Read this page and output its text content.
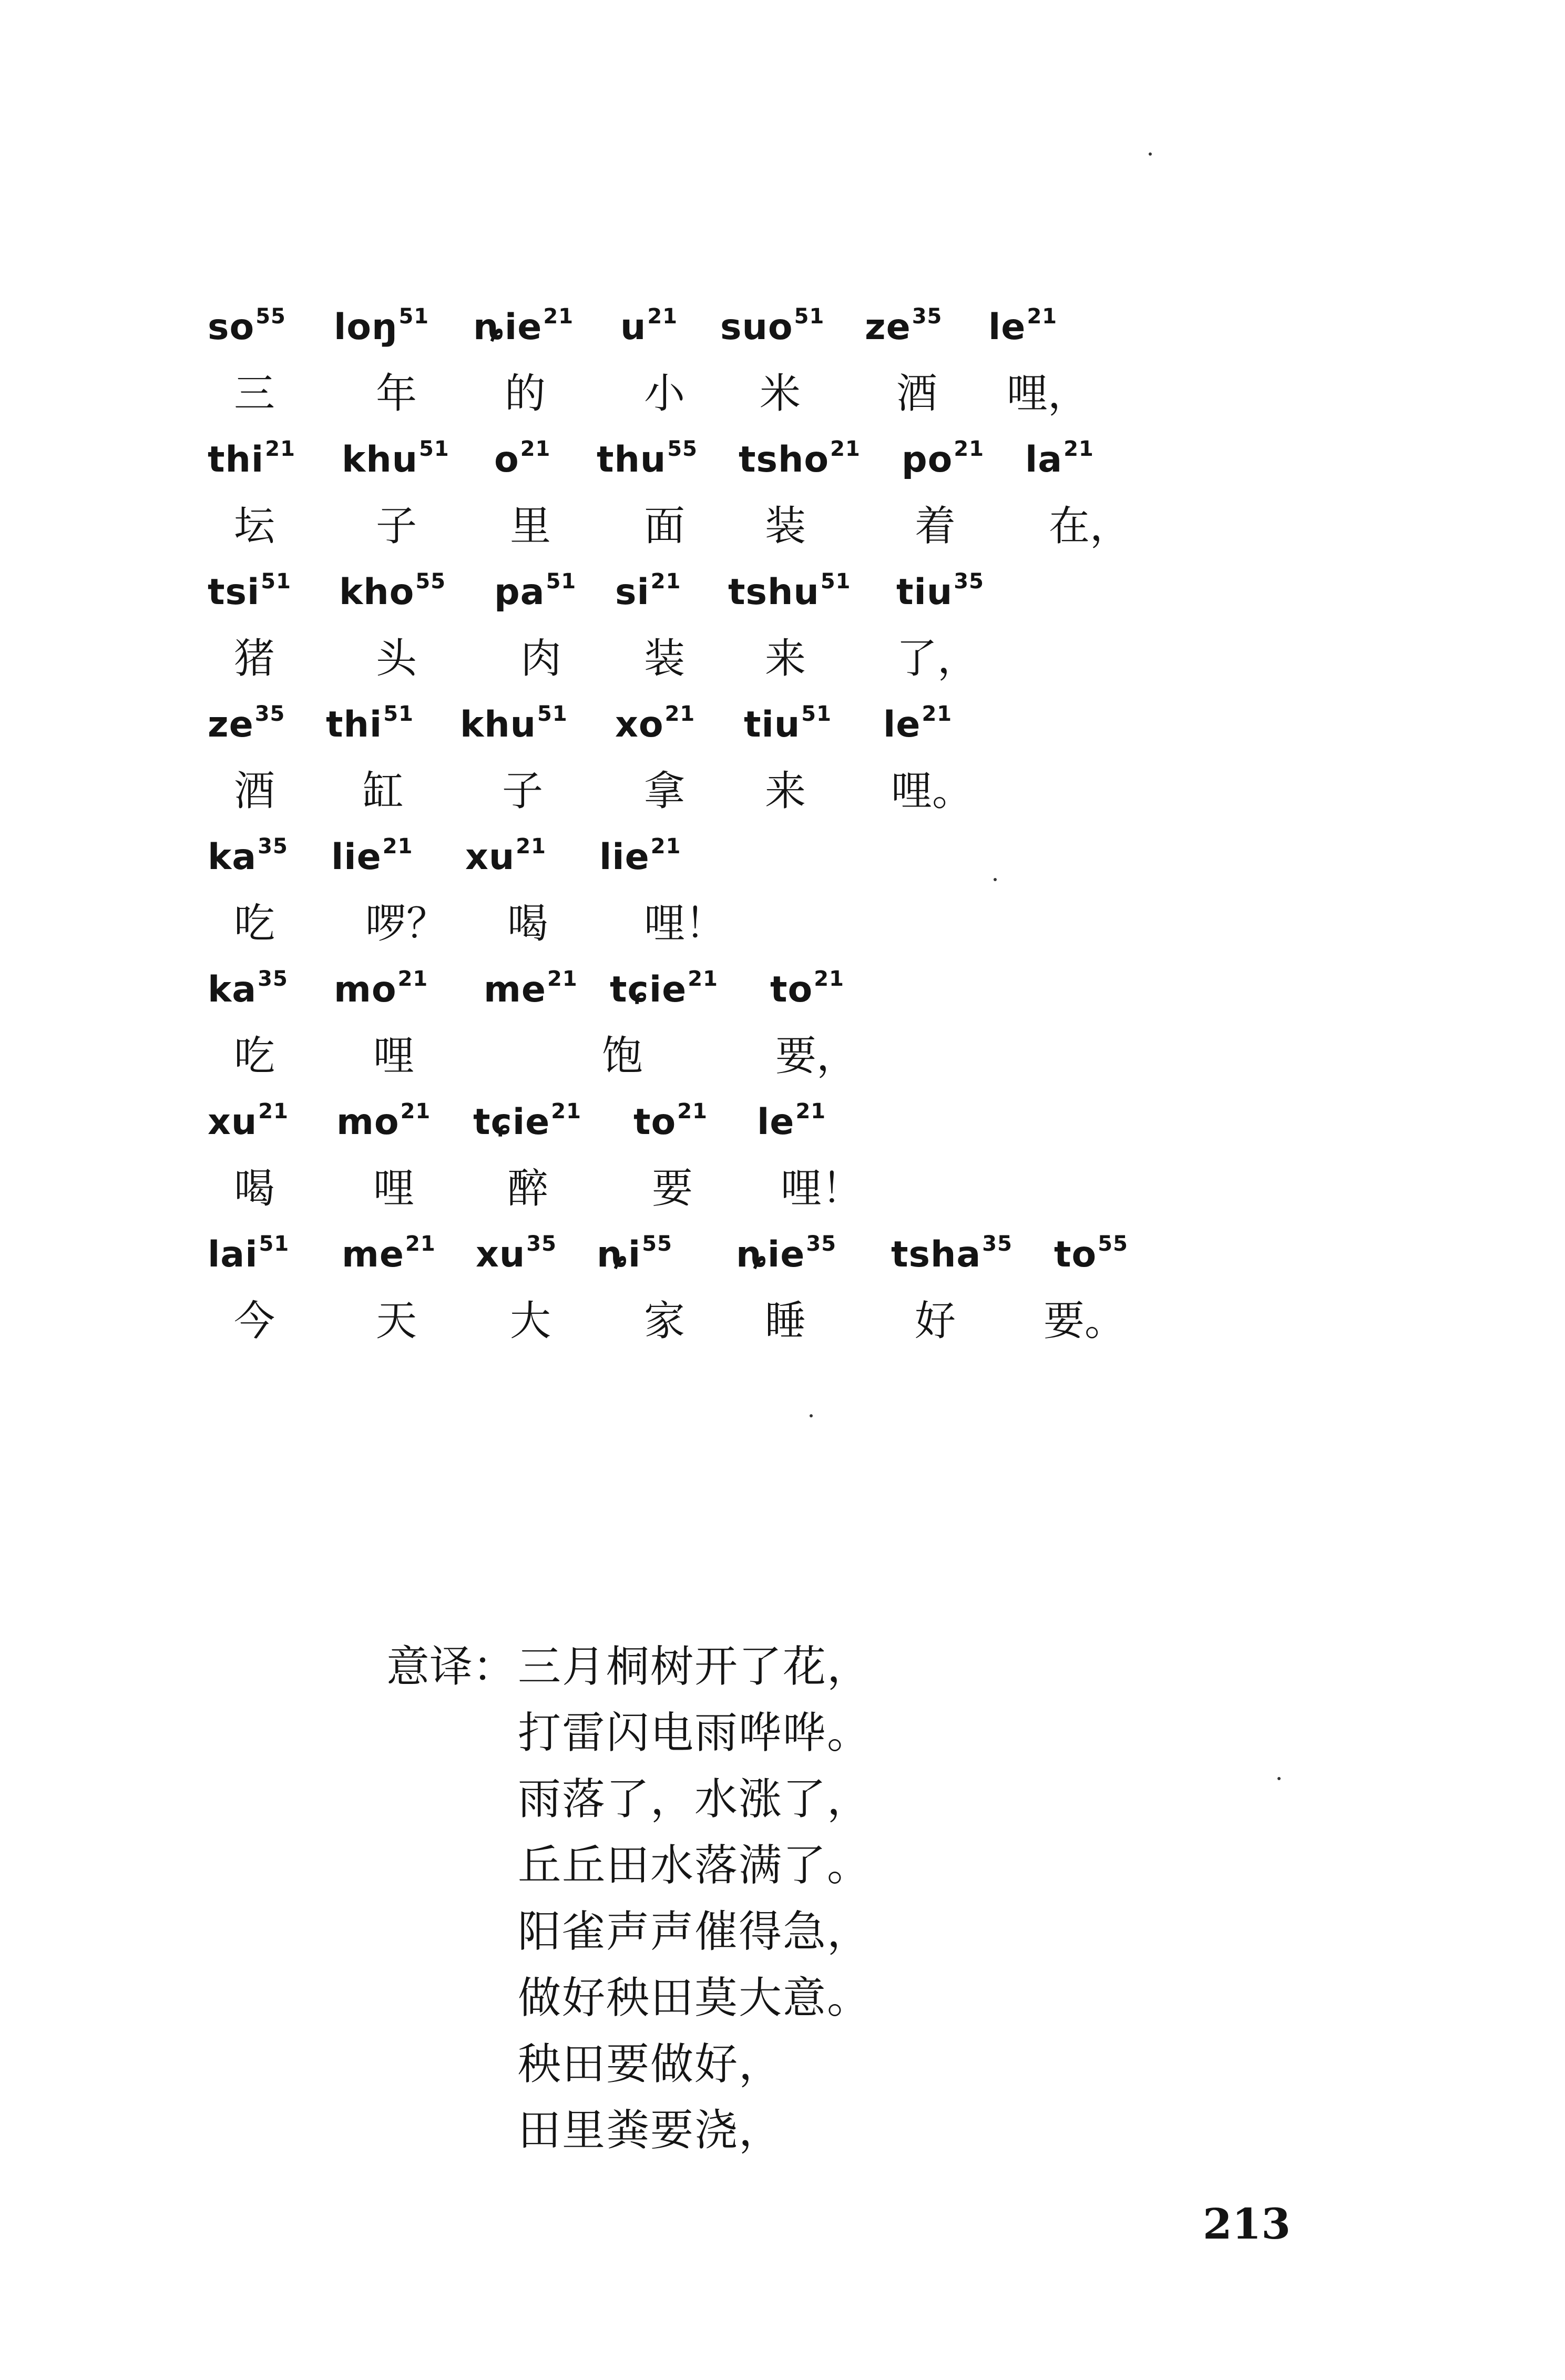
$so^{55}$ loŋ$^{51}$ ȵie$^{21}$ $u^{21}$ suo$^{51}$ $ze^{35}$ $le^{21}$
三 年 的 小 米 酒 哩，
thi$^{21}$ khu$^{51}$ $o^{21}$ thu$^{55}$ tsho$^{21}$ $po^{21}$ $la^{21}$
坛 子 里 面 装	着 在，
tsi$^{51}$ kho$^{55}$ $pa^{51}$ $si^{21}$ tshu$^{51}$ tiu$^{35}$
猪 头	肉 装 来 了，
$ze^{35}$ thi$^{51}$ khu$^{51}$ $xo^{21}$ tiu$^{51}$ $le^{21}$
酒 缸 子 拿 来 哩。
$ka^{35}$ lie$^{21}$ $xu^{21}$ lie$^{21}$
吃 啰？ 喝 哩！
$ka^{35}$ $mo^{21}$ $me^{21}$ tɕie$^{21}$ $to^{21}$
吃 哩	饱	要，
$xu^{21}$ $mo^{21}$ tɕie$^{21}$ $to^{21}$ $le^{21}$
喝 哩 醉	要 哩！
lai$^{51}$ $me^{21}$ $xu^{35}$ $ȵi^{55}$ ȵie$^{35}$ tsha$^{35}$ $to^{55}$
今 天 大 家 睡	好 要。
意译： 三月桐树开了花，
打雷闪电雨哗哗。
雨落了，水涨了，
丘丘田水落满了。
阳雀声声催得急，
做好秧田莫大意。
秧田要做好，
田里粪要浇，
213
